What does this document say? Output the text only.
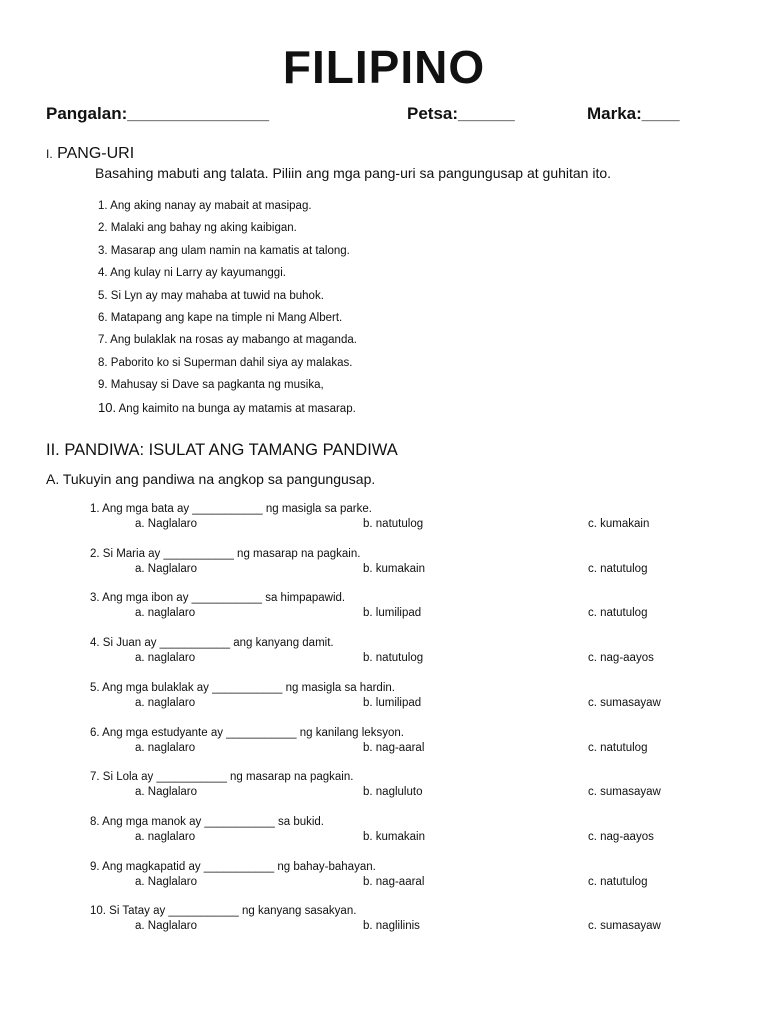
FILIPINO
Pangalan:_______________	Petsa:______	Marka:____
I. PANG-URI
Basahing mabuti ang talata. Piliin ang mga pang-uri sa pangungusap at guhitan ito.
1. Ang aking nanay ay mabait at masipag.
2. Malaki ang bahay ng aking kaibigan.
3. Masarap ang ulam namin na kamatis at talong.
4. Ang kulay ni Larry ay kayumanggi.
5. Si Lyn ay may mahaba at tuwid na buhok.
6. Matapang ang kape na timple ni Mang Albert.
7. Ang bulaklak na rosas ay mabango at maganda.
8. Paborito ko si Superman dahil siya ay malakas.
9. Mahusay si Dave sa pagkanta ng musika,
10. Ang kaimito na bunga ay matamis at masarap.
II. PANDIWA: ISULAT ANG TAMANG PANDIWA
A. Tukuyin ang pandiwa na angkop sa pangungusap.
1. Ang mga bata ay ___________ ng masigla sa parke.
a. Naglalaro	b. natutulog	c. kumakain
2. Si Maria ay ___________ ng masarap na pagkain.
a. Naglalaro	b. kumakain	c. natutulog
3. Ang mga ibon ay ___________ sa himpapawid.
a. naglalaro	b. lumilipad	c. natutulog
4. Si Juan ay ___________ ang kanyang damit.
a. naglalaro	b. natutulog	c. nag-aayos
5. Ang mga bulaklak ay ___________ ng masigla sa hardin.
a. naglalaro	b. lumilipad	c. sumasayaw
6. Ang mga estudyante ay ___________ ng kanilang leksyon.
a. naglalaro	b. nag-aaral	c. natutulog
7. Si Lola ay ___________ ng masarap na pagkain.
a. Naglalaro	b. nagluluto	c. sumasayaw
8. Ang mga manok ay ___________ sa bukid.
a. naglalaro	b. kumakain	c. nag-aayos
9. Ang magkapatid ay ___________ ng bahay-bahayan.
a. Naglalaro	b. nag-aaral	c. natutulog
10. Si Tatay ay ___________ ng kanyang sasakyan.
a. Naglalaro	b. naglilinis	c. sumasayaw
